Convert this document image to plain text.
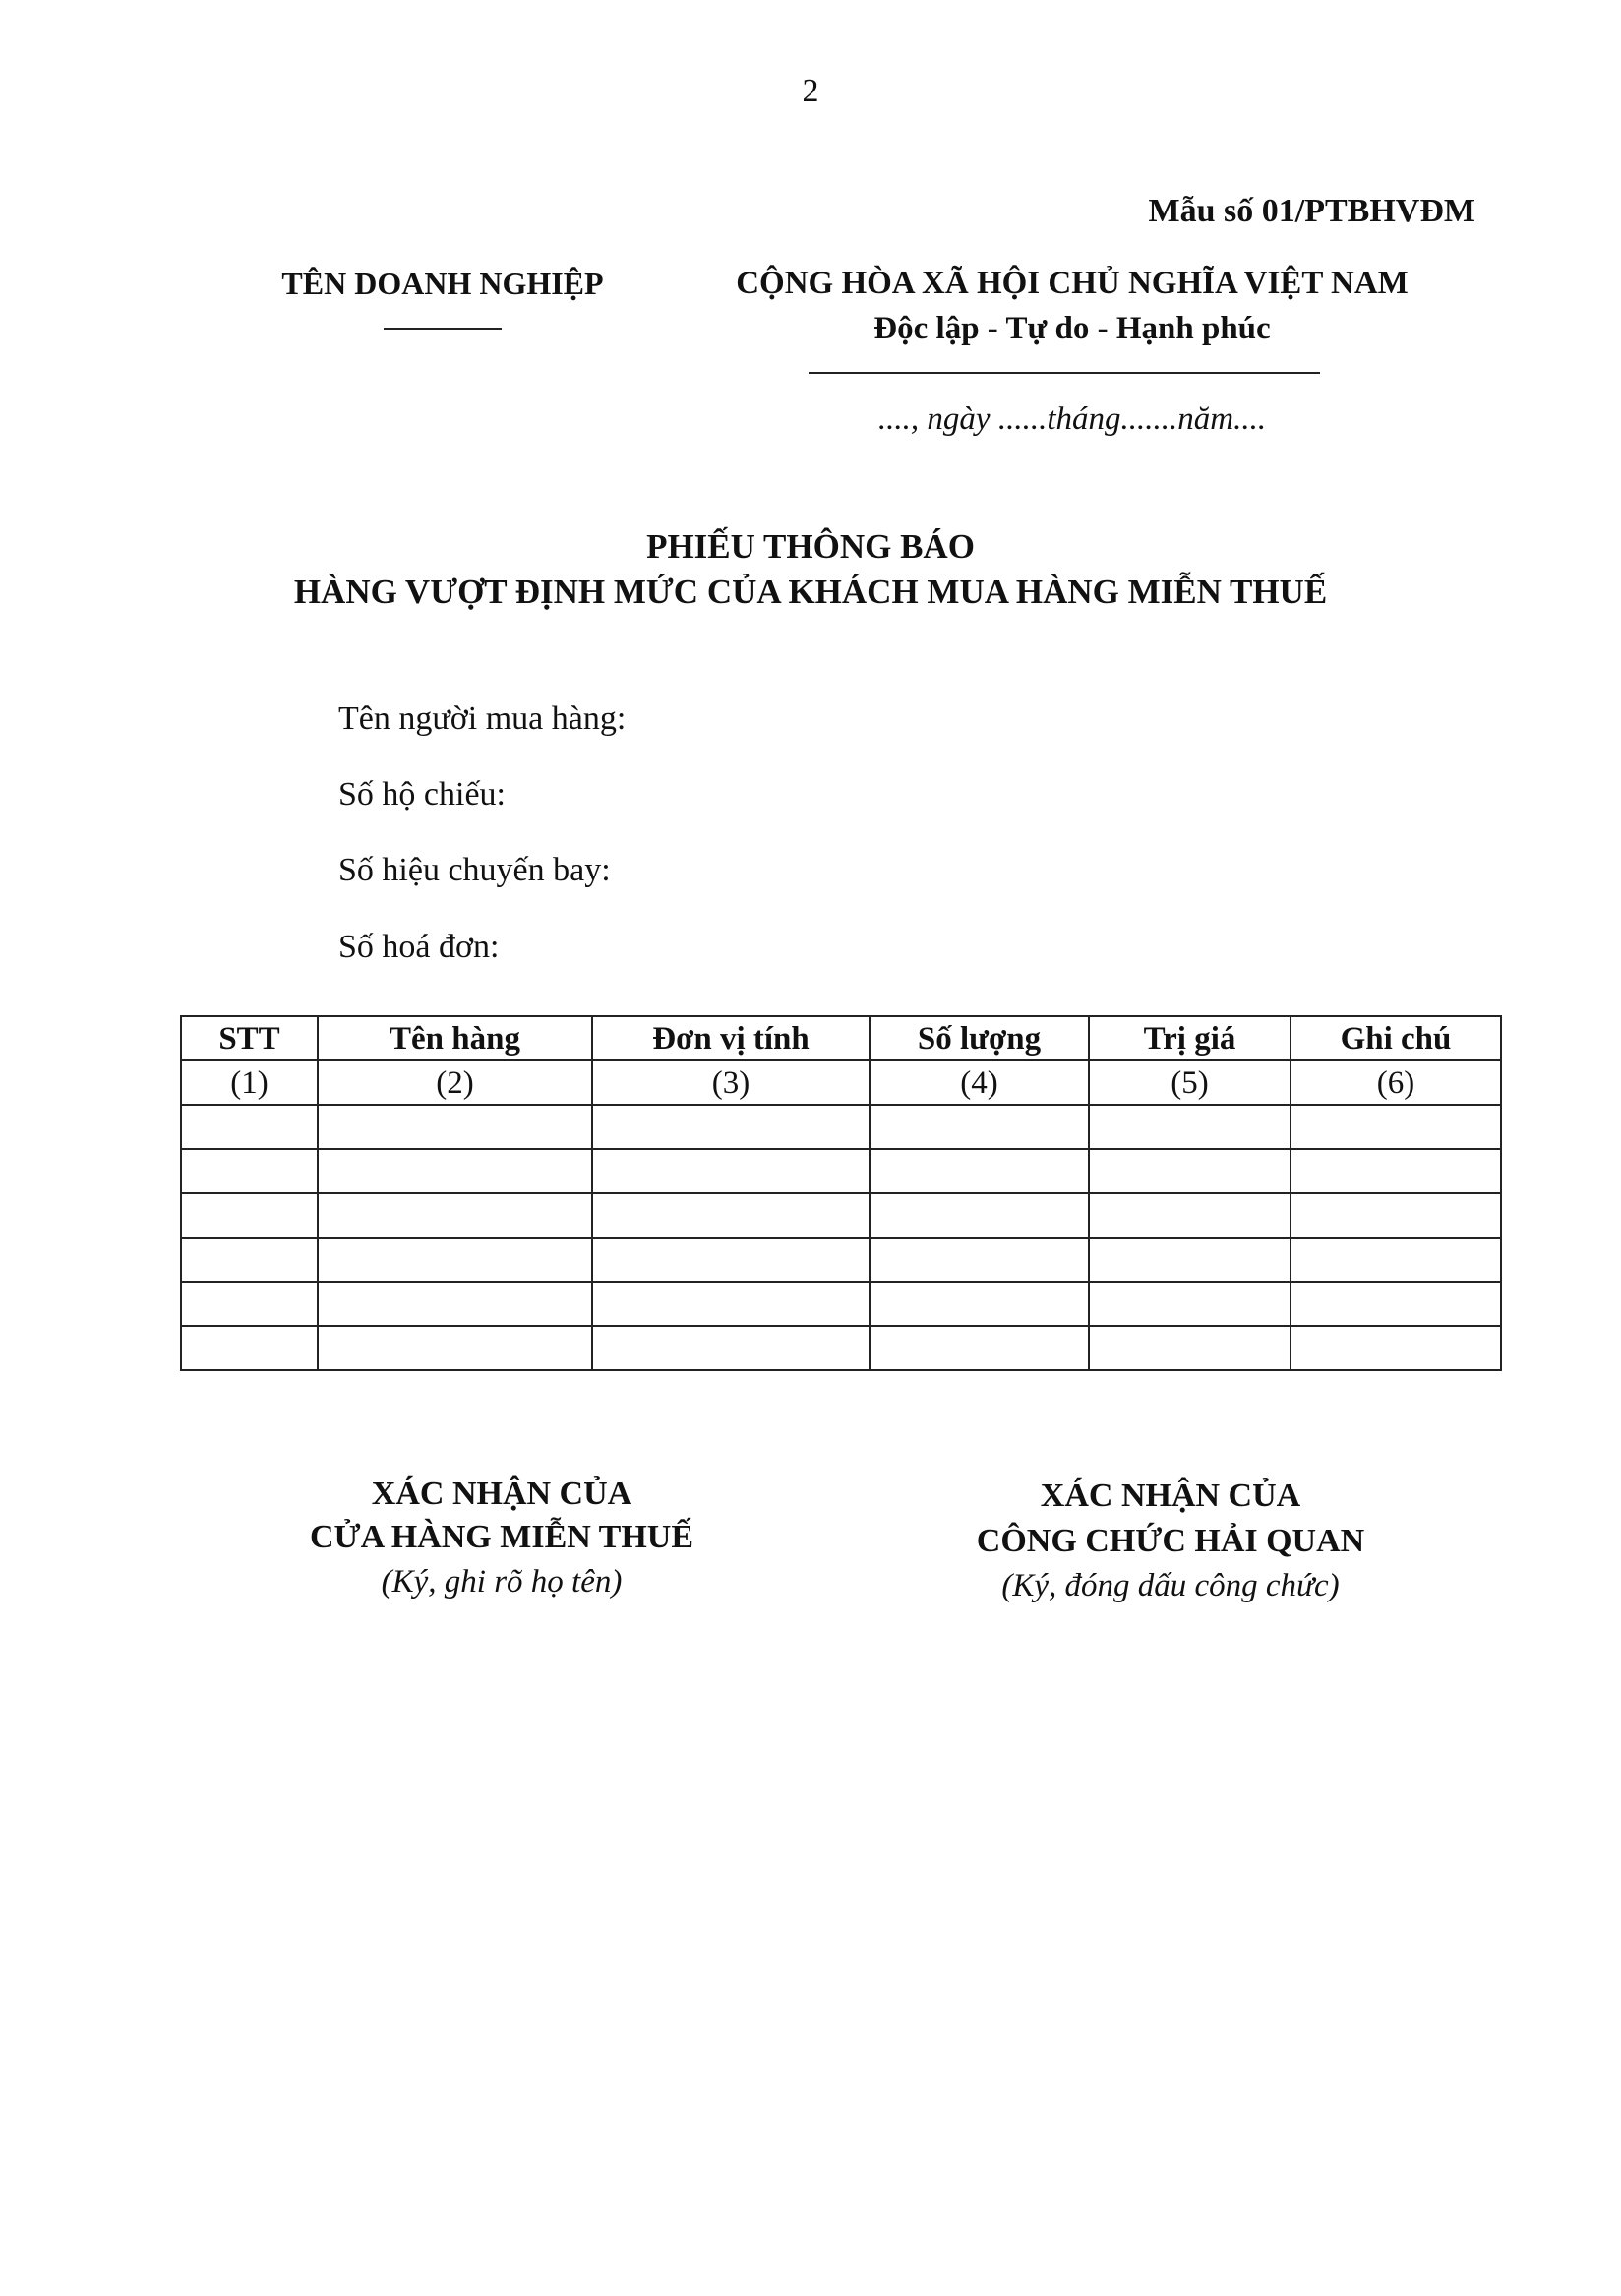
2
Mẫu số 01/PTBHVĐM
TÊN DOANH NGHIỆP	CỘNG HÒA XÃ HỘI CHỦ NGHĨA VIỆT NAM
Độc lập - Tự do - Hạnh phúc
...., ngày ......tháng.......năm....
PHIẾU THÔNG BÁO
HÀNG VƯỢT ĐỊNH MỨC CỦA KHÁCH MUA HÀNG MIỄN THUẾ
Tên người mua hàng:
Số hộ chiếu:
Số hiệu chuyến bay:
Số hoá đơn:
STT	Tên hàng	Đơn vị tính	Số lượng	Trị giá	Ghi chú
(1)	(2)	(3)	(4)	(5)	(6)

XÁC NHẬN CỦA
CỬA HÀNG MIỄN THUẾ
(Ký, ghi rõ họ tên)
XÁC NHẬN CỦA
CÔNG CHỨC HẢI QUAN
(Ký, đóng dấu công chức)
